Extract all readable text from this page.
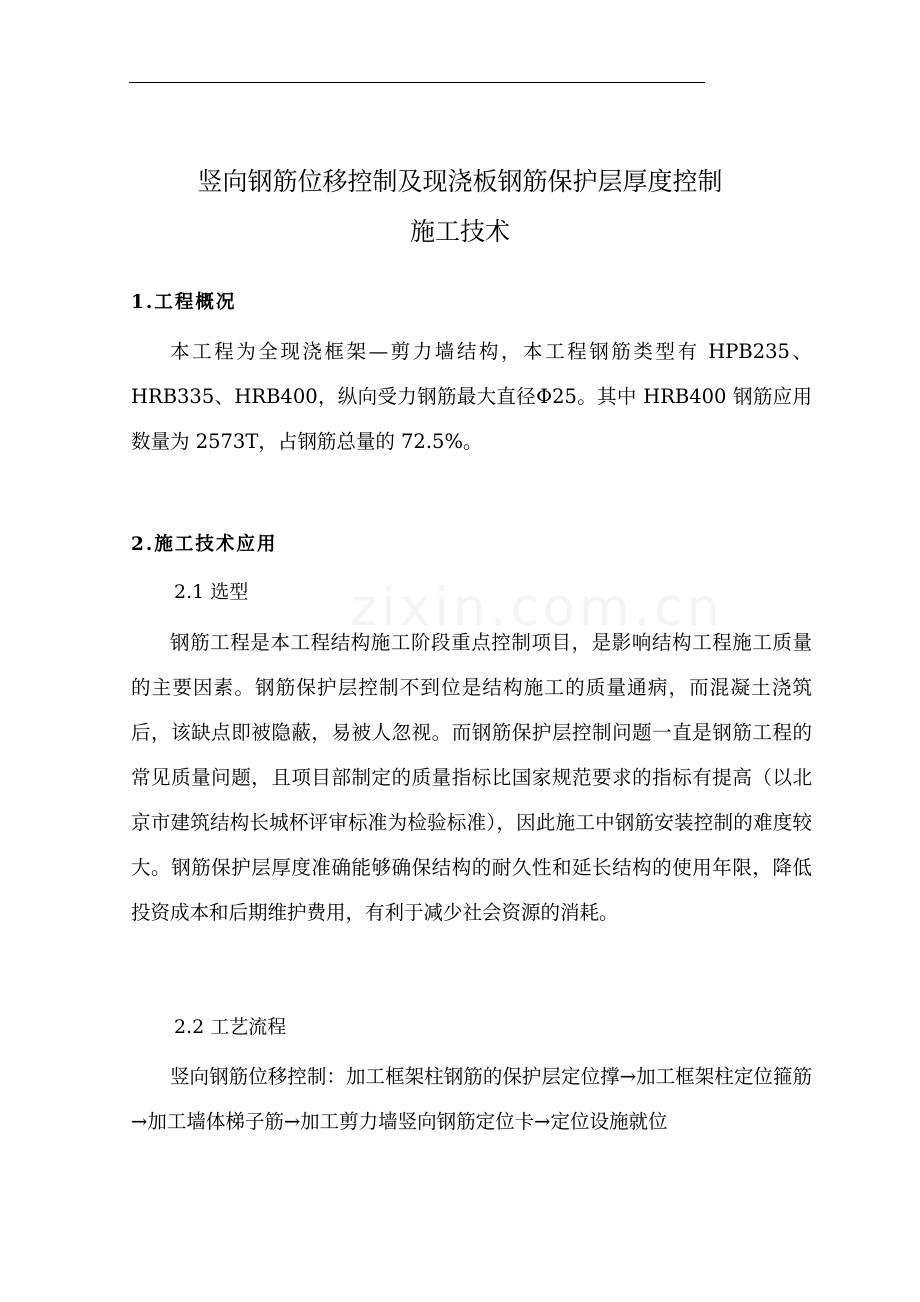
竖向钢筋位移控制及现浇板钢筋保护层厚度控制
施工技术
1.工程概况

本工程为全现浇框架—剪力墙结构，本工程钢筋类型有 HPB235、HRB335、HRB400，纵向受力钢筋最大直径Φ25。其中 HRB400 钢筋应用数量为 2573T，占钢筋总量的 72.5%。

2.施工技术应用
2.1 选型

钢筋工程是本工程结构施工阶段重点控制项目，是影响结构工程施工质量的主要因素。钢筋保护层控制不到位是结构施工的质量通病，而混凝土浇筑后，该缺点即被隐蔽，易被人忽视。而钢筋保护层控制问题一直是钢筋工程的常见质量问题，且项目部制定的质量指标比国家规范要求的指标有提高（以北京市建筑结构长城杯评审标准为检验标准），因此施工中钢筋安装控制的难度较大。钢筋保护层厚度准确能够确保结构的耐久性和延长结构的使用年限，降低投资成本和后期维护费用，有利于减少社会资源的消耗。

2.2 工艺流程

竖向钢筋位移控制：加工框架柱钢筋的保护层定位撑→加工框架柱定位箍筋→加工墙体梯子筋→加工剪力墙竖向钢筋定位卡→定位设施就位
